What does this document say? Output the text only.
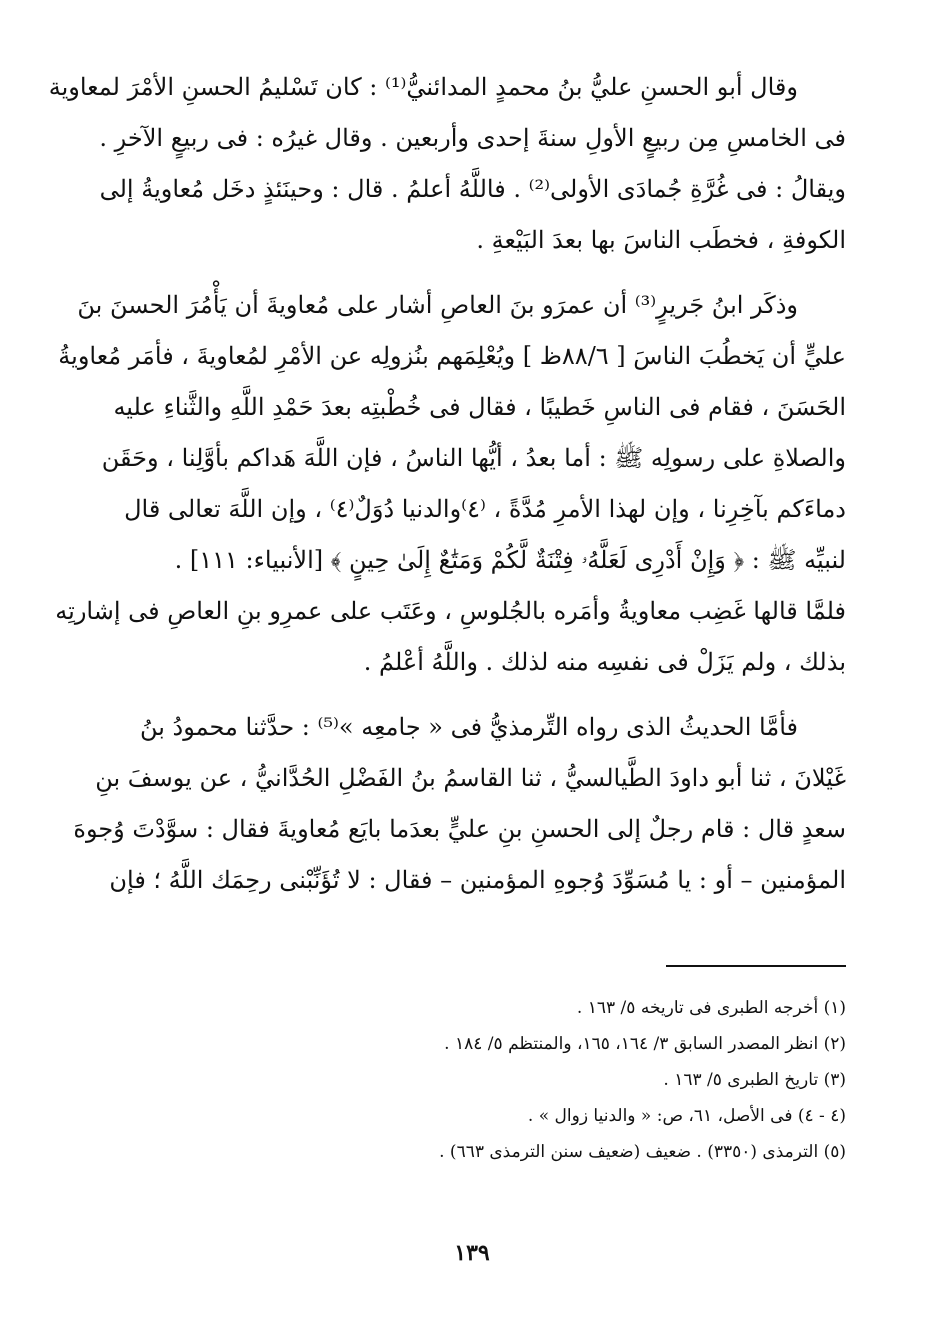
وقال أبو الحسنِ عليُّ بنُ محمدٍ المدائنيُّ⁽¹⁾ : كان تَسْليمُ الحسنِ الأمْرَ لمعاوية
فى الخامسِ مِن ربيعٍ الأولِ سنةَ إحدى وأربعين . وقال غيرُه : فى ربيعٍ الآخرِ .
ويقالُ : فى غُرَّةِ جُمادَى الأولى⁽²⁾ . فاللَّهُ أعلمُ . قال : وحينَئذٍ دخَل مُعاويةُ إلى
الكوفةِ ، فخطَب الناسَ بها بعدَ البَيْعةِ .
وذكَر ابنُ جَريرٍ⁽³⁾ أن عمرَو بنَ العاصِ أشار على مُعاويةَ أن يَأْمُرَ الحسنَ بنَ
عليٍّ أن يَخطُبَ الناسَ [ ٨٨/٦ظ ] ويُعْلِمَهم بنُزولِه عن الأمْرِ لمُعاويةَ ، فأمَر مُعاويةُ
الحَسَنَ ، فقام فى الناسِ خَطيبًا ، فقال فى خُطْبتِه بعدَ حَمْدِ اللَّهِ والثَّناءِ عليه
والصلاةِ على رسولِه ﷺ : أما بعدُ ، أيُّها الناسُ ، فإن اللَّهَ هَداكم بأوَّلِنا ، وحَقَن
دماءَكم بآخِرِنا ، وإن لهذا الأمرِ مُدَّةً ، ⁽٤⁾والدنيا دُوَلٌ⁽٤⁾ ، وإن اللَّهَ تعالى قال
لنبيِّه ﷺ : ﴿ وَإِنْ أَدْرِى لَعَلَّهُۥ فِتْنَةٌ لَّكُمْ وَمَتَٰعٌ إِلَىٰ حِينٍ ﴾ [الأنبياء: ١١١] .
فلمَّا قالها غَضِب معاويةُ وأمَره بالجُلوسِ ، وعَتَب على عمرِو بنِ العاصِ فى إشارتِه
بذلك ، ولم يَزَلْ فى نفسِه منه لذلك . واللَّهُ أعْلمُ .
فأمَّا الحديثُ الذى رواه التِّرمذيُّ فى « جامعِه »⁽⁵⁾ : حدَّثنا محمودُ بنُ
غَيْلانَ ، ثنا أبو داودَ الطَّيالسيُّ ، ثنا القاسمُ بنُ الفَضْلِ الحُدَّانيُّ ، عن يوسفَ بنِ
سعدٍ قال : قام رجلٌ إلى الحسنِ بنِ عليٍّ بعدَما بايَع مُعاويةَ فقال : سوَّدْتَ وُجوهَ
المؤمنين – أو : يا مُسَوِّدَ وُجوهِ المؤمنين – فقال : لا تُؤَنِّبْنى رحِمَك اللَّهُ ؛ فإن
(١) أخرجه الطبرى فى تاريخه ٥/ ١٦٣ .
(٢) انظر المصدر السابق ٣/ ١٦٤، ١٦٥، والمنتظم ٥/ ١٨٤ .
(٣) تاريخ الطبرى ٥/ ١٦٣ .
(٤ - ٤) فى الأصل، ٦١، ص: « والدنيا زوال » .
(٥) الترمذى (٣٣٥٠) . ضعيف (ضعيف سنن الترمذى ٦٦٣) .
١٣٩
